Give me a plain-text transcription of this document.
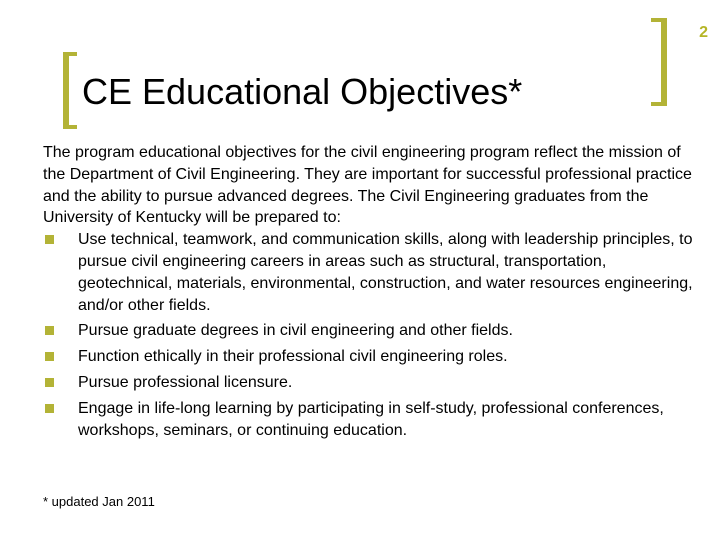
2
CE Educational Objectives*

The program educational objectives for the civil engineering program reflect the mission of the Department of Civil Engineering. They are important for successful professional practice and the ability to pursue advanced degrees. The Civil Engineering graduates from the University of Kentucky will be prepared to:

Use technical, teamwork, and communication skills, along with leadership principles, to pursue civil engineering careers in areas such as structural, transportation, geotechnical, materials, environmental, construction, and water resources engineering, and/or other fields.
Pursue graduate degrees in civil engineering and other fields.
Function ethically in their professional civil engineering roles.
Pursue professional licensure.
Engage in life-long learning by participating in self-study, professional conferences, workshops, seminars, or continuing education.
* updated Jan 2011
